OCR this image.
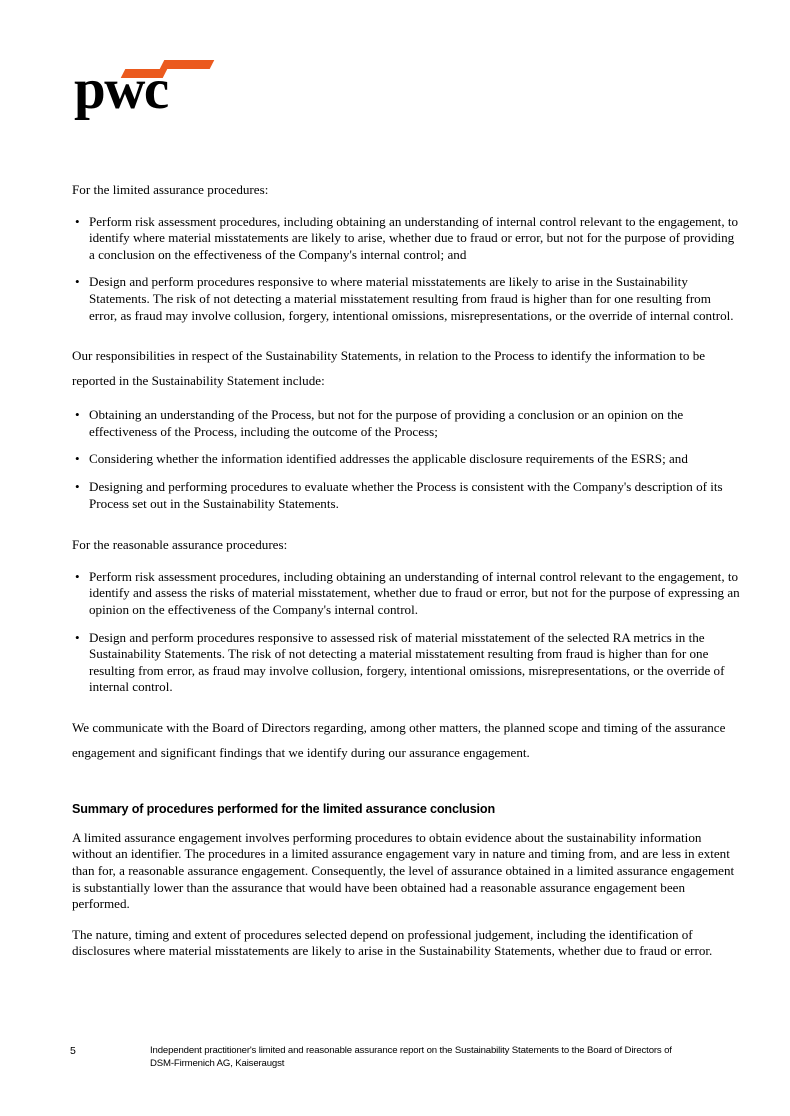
pwc

For the limited assurance procedures:

• Perform risk assessment procedures, including obtaining an understanding of internal control relevant to the engagement, to identify where material misstatements are likely to arise, whether due to fraud or error, but not for the purpose of providing a conclusion on the effectiveness of the Company's internal control; and
• Design and perform procedures responsive to where material misstatements are likely to arise in the Sustainability Statements. The risk of not detecting a material misstatement resulting from fraud is higher than for one resulting from error, as fraud may involve collusion, forgery, intentional omissions, misrepresentations, or the override of internal control.

Our responsibilities in respect of the Sustainability Statements, in relation to the Process to identify the information to be reported in the Sustainability Statement include:

• Obtaining an understanding of the Process, but not for the purpose of providing a conclusion or an opinion on the effectiveness of the Process, including the outcome of the Process;
• Considering whether the information identified addresses the applicable disclosure requirements of the ESRS; and
• Designing and performing procedures to evaluate whether the Process is consistent with the Company's description of its Process set out in the Sustainability Statements.

For the reasonable assurance procedures:

• Perform risk assessment procedures, including obtaining an understanding of internal control relevant to the engagement, to identify and assess the risks of material misstatement, whether due to fraud or error, but not for the purpose of expressing an opinion on the effectiveness of the Company's internal control.
• Design and perform procedures responsive to assessed risk of material misstatement of the selected RA metrics in the Sustainability Statements. The risk of not detecting a material misstatement resulting from fraud is higher than for one resulting from error, as fraud may involve collusion, forgery, intentional omissions, misrepresentations, or the override of internal control.

We communicate with the Board of Directors regarding, among other matters, the planned scope and timing of the assurance engagement and significant findings that we identify during our assurance engagement.

Summary of procedures performed for the limited assurance conclusion

A limited assurance engagement involves performing procedures to obtain evidence about the sustainability information without an identifier. The procedures in a limited assurance engagement vary in nature and timing from, and are less in extent than for, a reasonable assurance engagement. Consequently, the level of assurance obtained in a limited assurance engagement is substantially lower than the assurance that would have been obtained had a reasonable assurance engagement been performed.

The nature, timing and extent of procedures selected depend on professional judgement, including the identification of disclosures where material misstatements are likely to arise in the Sustainability Statements, whether due to fraud or error.

5	Independent practitioner's limited and reasonable assurance report on the Sustainability Statements to the Board of Directors of
DSM-Firmenich AG, Kaiseraugst
